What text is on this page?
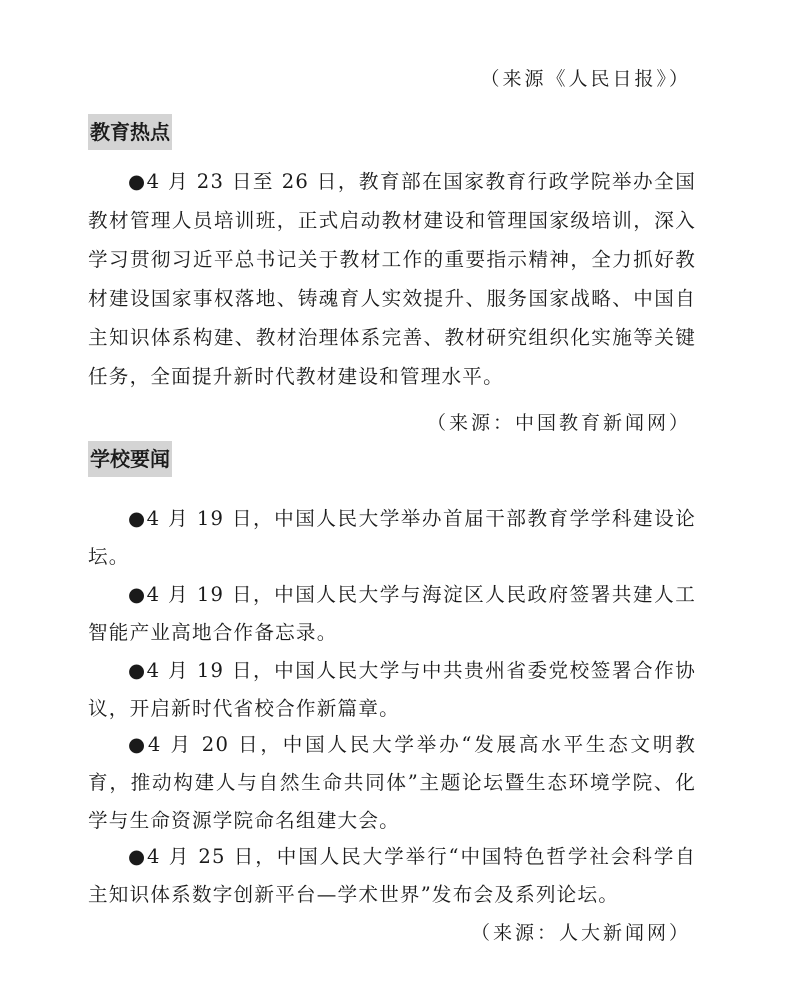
（来源《人民日报》）
教育热点
●4 月 23 日至 26 日，教育部在国家教育行政学院举办全国教材管理人员培训班，正式启动教材建设和管理国家级培训，深入学习贯彻习近平总书记关于教材工作的重要指示精神，全力抓好教材建设国家事权落地、铸魂育人实效提升、服务国家战略、中国自主知识体系构建、教材治理体系完善、教材研究组织化实施等关键任务，全面提升新时代教材建设和管理水平。
（来源：中国教育新闻网）
学校要闻
●4 月 19 日，中国人民大学举办首届干部教育学学科建设论坛。
●4 月 19 日，中国人民大学与海淀区人民政府签署共建人工智能产业高地合作备忘录。
●4 月 19 日，中国人民大学与中共贵州省委党校签署合作协议，开启新时代省校合作新篇章。
●4 月 20 日，中国人民大学举办“发展高水平生态文明教育，推动构建人与自然生命共同体”主题论坛暨生态环境学院、化学与生命资源学院命名组建大会。
●4 月 25 日，中国人民大学举行“中国特色哲学社会科学自主知识体系数字创新平台—学术世界”发布会及系列论坛。
（来源：人大新闻网）
